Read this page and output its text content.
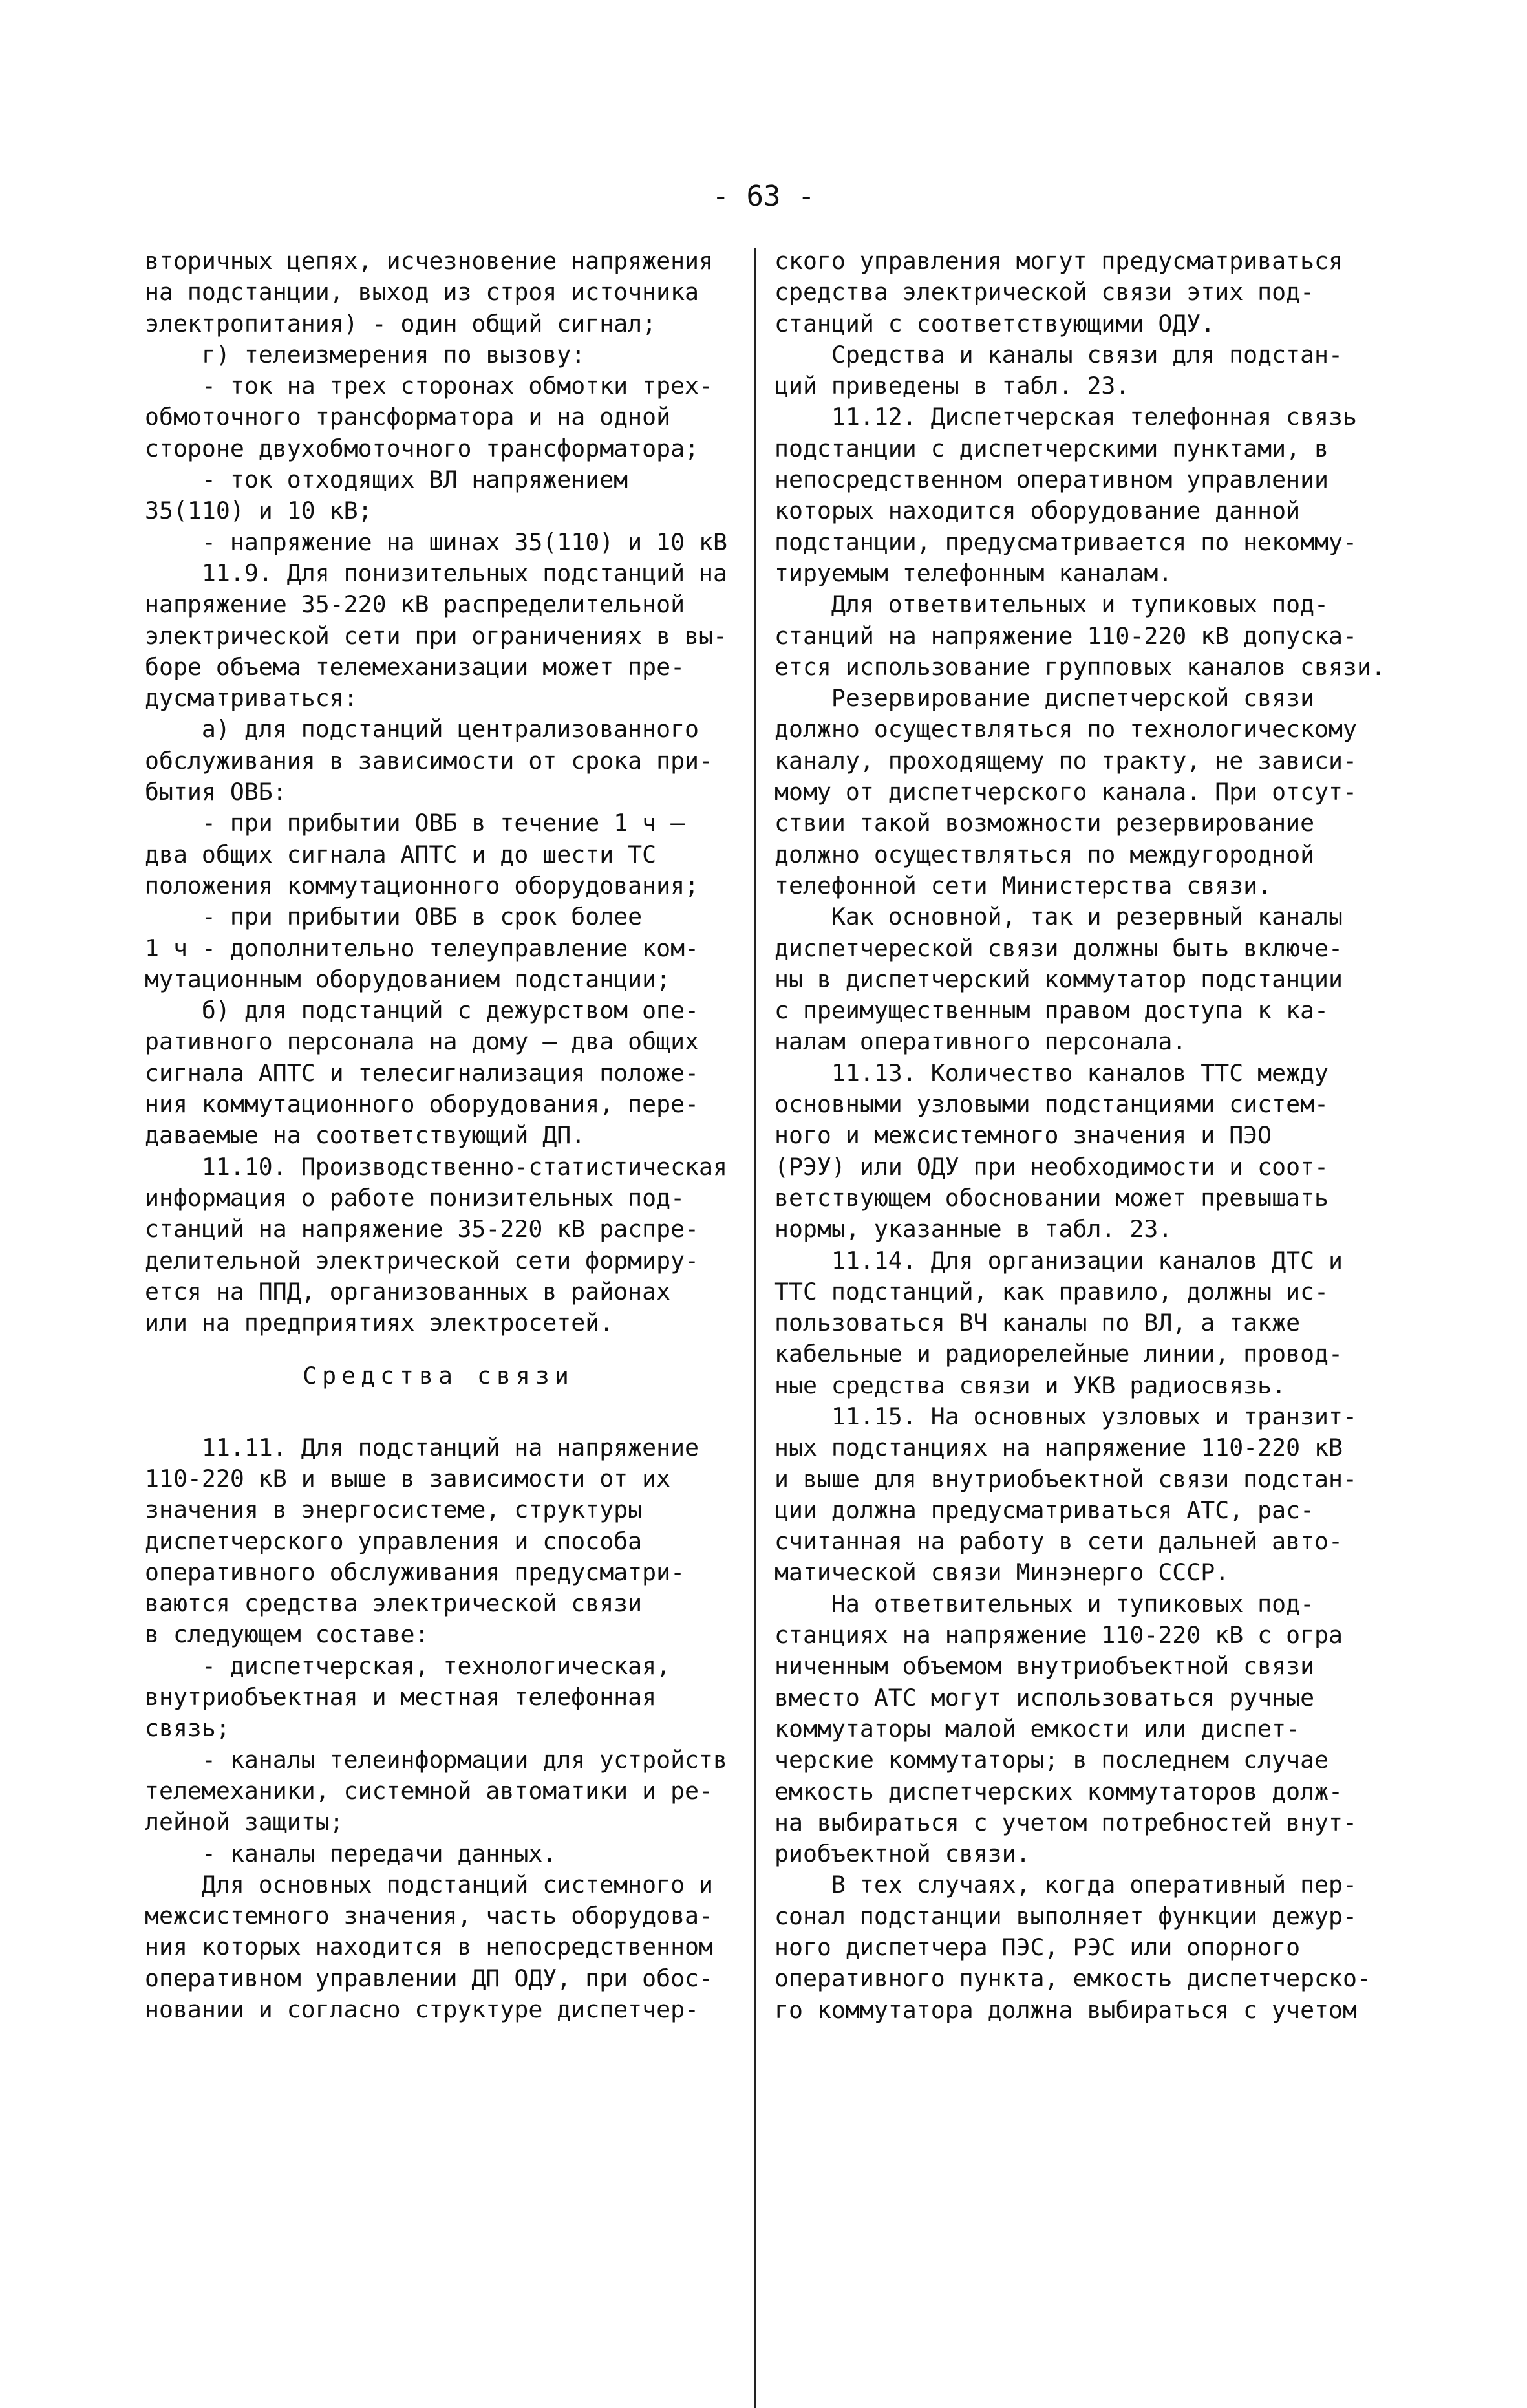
- 63 -

вторичных цепях, исчезновение напряжения

на подстанции, выход из строя источника

электропитания) - один общий сигнал;

г) телеизмерения по вызову:

- ток на трех сторонах обмотки трех-

обмоточного трансформатора и на одной

стороне двухобмоточного трансформатора;

- ток отходящих ВЛ напряжением

35(110) и 10 кВ;

- напряжение на шинах 35(110) и 10 кВ

11.9. Для понизительных подстанций на

напряжение 35-220 кВ распределительной

электрической сети при ограничениях в вы-

боре объема телемеханизации может пре-

дусматриваться:

а) для подстанций централизованного

обслуживания в зависимости от срока при-

бытия ОВБ:

- при прибытии ОВБ в течение 1 ч —

два общих сигнала АПТС и до шести ТС

положения коммутационного оборудования;

- при прибытии ОВБ в срок более

1 ч - дополнительно телеуправление ком-

мутационным оборудованием подстанции;

б) для подстанций с дежурством опе-

ративного персонала на дому — два общих

сигнала АПТС и телесигнализация положе-

ния коммутационного оборудования, пере-

даваемые на соответствующий ДП.

11.10. Производственно-статистическая

информация о работе понизительных под-

станций на напряжение 35-220 кВ распре-

делительной электрической сети формиру-

ется на ППД, организованных в районах

или на предприятиях электросетей.

Средства связи

11.11. Для подстанций на напряжение

110-220 кВ и выше в зависимости от их

значения в энергосистеме, структуры

диспетчерского управления и способа

оперативного обслуживания предусматри-

ваются средства электрической связи

в следующем составе:

- диспетчерская, технологическая,

внутриобъектная и местная телефонная

связь;

- каналы телеинформации для устройств

телемеханики, системной автоматики и ре-

лейной защиты;

- каналы передачи данных.

Для основных подстанций системного и

межсистемного значения, часть оборудова-

ния которых находится в непосредственном

оперативном управлении ДП ОДУ, при обос-

новании и согласно структуре диспетчер-

ского управления могут предусматриваться

средства электрической связи этих под-

станций с соответствующими ОДУ.

Средства и каналы связи для подстан-

ций приведены в табл. 23.

11.12. Диспетчерская телефонная связь

подстанции с диспетчерскими пунктами, в

непосредственном оперативном управлении

которых находится оборудование данной

подстанции, предусматривается по некомму-

тируемым телефонным каналам.

Для ответвительных и тупиковых под-

станций на напряжение 110-220 кВ допуска-

ется использование групповых каналов связи.

Резервирование диспетчерской связи

должно осуществляться по технологическому

каналу, проходящему по тракту, не зависи-

мому от диспетчерского канала. При отсут-

ствии такой возможности резервирование

должно осуществляться по междугородной

телефонной сети Министерства связи.

Как основной, так и резервный каналы

диспетчереской связи должны быть включе-

ны в диспетчерский коммутатор подстанции

с преимущественным правом доступа к ка-

налам оперативного персонала.

11.13. Количество каналов ТТС между

основными узловыми подстанциями систем-

ного и межсистемного значения и ПЭО

(РЭУ) или ОДУ при необходимости и соот-

ветствующем обосновании может превышать

нормы, указанные в табл. 23.

11.14. Для организации каналов ДТС и

ТТС подстанций, как правило, должны ис-

пользоваться ВЧ каналы по ВЛ, а также

кабельные и радиорелейные линии, провод-

ные средства связи и УКВ радиосвязь.

11.15. На основных узловых и транзит-

ных подстанциях на напряжение 110-220 кВ

и выше для внутриобъектной связи подстан-

ции должна предусматриваться АТС, рас-

считанная на работу в сети дальней авто-

матической связи Минэнерго СССР.

На ответвительных и тупиковых под-

станциях на напряжение 110-220 кВ с огра

ниченным объемом внутриобъектной связи

вместо АТС могут использоваться ручные

коммутаторы малой емкости или диспет-

черские коммутаторы; в последнем случае

емкость диспетчерских коммутаторов долж-

на выбираться с учетом потребностей внут-

риобъектной связи.

В тех случаях, когда оперативный пер-

сонал подстанции выполняет функции дежур-

ного диспетчера ПЭС, РЭС или опорного

оперативного пункта, емкость диспетчерско-

го коммутатора должна выбираться с учетом
